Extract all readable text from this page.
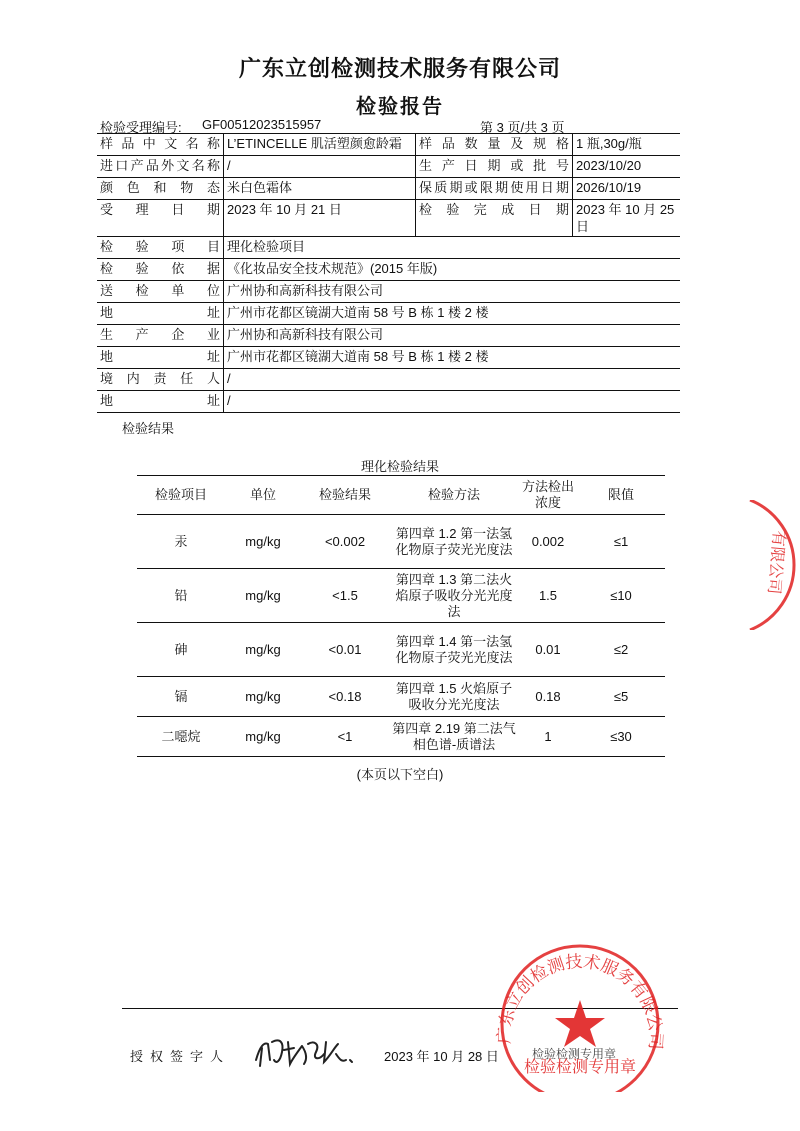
广东立创检测技术服务有限公司
检验报告
检验受理编号: GF00512023515957	第 3 页/共 3 页
样品中文名称	L’ETINCELLE 肌活塑颜愈龄霜	样品数量及规格	1 瓶,30g/瓶
进口产品外文名称	/	生产日期或批号	2023/10/20
颜色和物态	米白色霜体	保质期或限期使用日期	2026/10/19
受理日期	2023 年 10 月 21 日	检验完成日期	2023 年 10 月 25 日
检验项目	理化检验项目		
检验依据	《化妆品安全技术规范》(2015 年版)		
送检单位	广州协和高新科技有限公司		
地址	广州市花都区镜湖大道南 58 号 B 栋 1 楼 2 楼		
生产企业	广州协和高新科技有限公司		
地址	广州市花都区镜湖大道南 58 号 B 栋 1 楼 2 楼		
境内责任人	/		
地址	/		
检验结果
理化检验结果
检验项目	单位	检验结果	检验方法	方法检出浓度	限值
汞	mg/kg	<0.002	第四章 1.2 第一法氢化物原子荧光光度法	0.002	≤1
铅	mg/kg	<1.5	第四章 1.3 第二法火焰原子吸收分光光度法	1.5	≤10
砷	mg/kg	<0.01	第四章 1.4 第一法氢化物原子荧光光度法	0.01	≤2
镉	mg/kg	<0.18	第四章 1.5 火焰原子吸收分光光度法	0.18	≤5
二噁烷	mg/kg	<1	第四章 2.19 第二法气相色谱-质谱法	1	≤30
(本页以下空白)
授权签字人	2023 年 10 月 28 日	检验检测专用章
广东立创检测技术服务有限公司
检验检测专用章
有限公司
